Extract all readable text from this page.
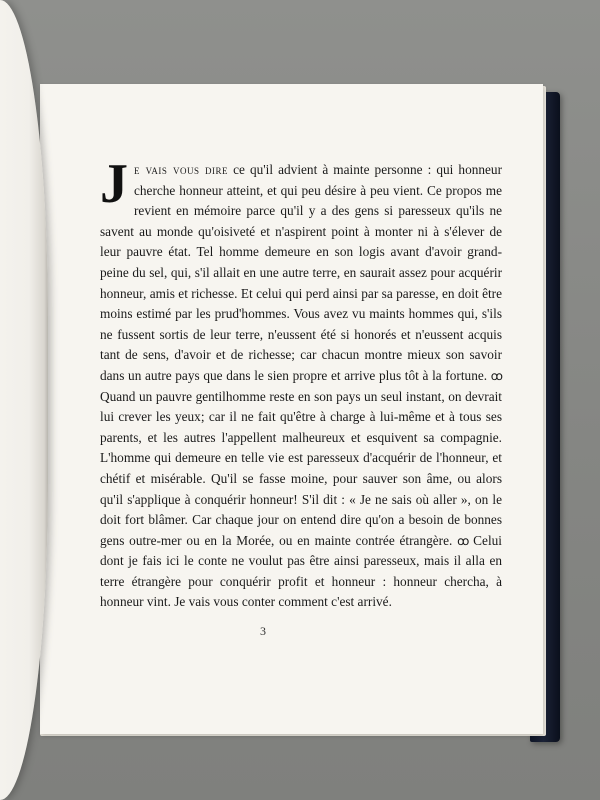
Je vais vous dire ce qu'il advient à mainte personne : qui honneur cherche honneur atteint, et qui peu désire à peu vient. Ce propos me revient en mémoire parce qu'il y a des gens si paresseux qu'ils ne savent au monde qu'oisiveté et n'aspirent point à monter ni à s'élever de leur pauvre état. Tel homme demeure en son logis avant d'avoir grand-peine du sel, qui, s'il allait en une autre terre, en saurait assez pour acquérir honneur, amis et richesse. Et celui qui perd ainsi par sa paresse, en doit être moins estimé par les prud'hommes. Vous avez vu maints hommes qui, s'ils ne fussent sortis de leur terre, n'eussent été si honorés et n'eussent acquis tant de sens, d'avoir et de richesse; car chacun montre mieux son savoir dans un autre pays que dans le sien propre et arrive plus tôt à la fortune. ꝏ Quand un pauvre gentilhomme reste en son pays un seul instant, on devrait lui crever les yeux; car il ne fait qu'être à charge à lui-même et à tous ses parents, et les autres l'appellent malheureux et esquivent sa compagnie. L'homme qui demeure en telle vie est paresseux d'acquérir de l'honneur, et chétif et misérable. Qu'il se fasse moine, pour sauver son âme, ou alors qu'il s'applique à conquérir honneur! S'il dit : « Je ne sais où aller », on le doit fort blâmer. Car chaque jour on entend dire qu'on a besoin de bonnes gens outre-mer ou en la Morée, ou en mainte contrée étrangère. ꝏ Celui dont je fais ici le conte ne voulut pas être ainsi paresseux, mais il alla en terre étrangère pour conquérir profit et honneur : honneur chercha, à honneur vint. Je vais vous conter comment c'est arrivé.
3
